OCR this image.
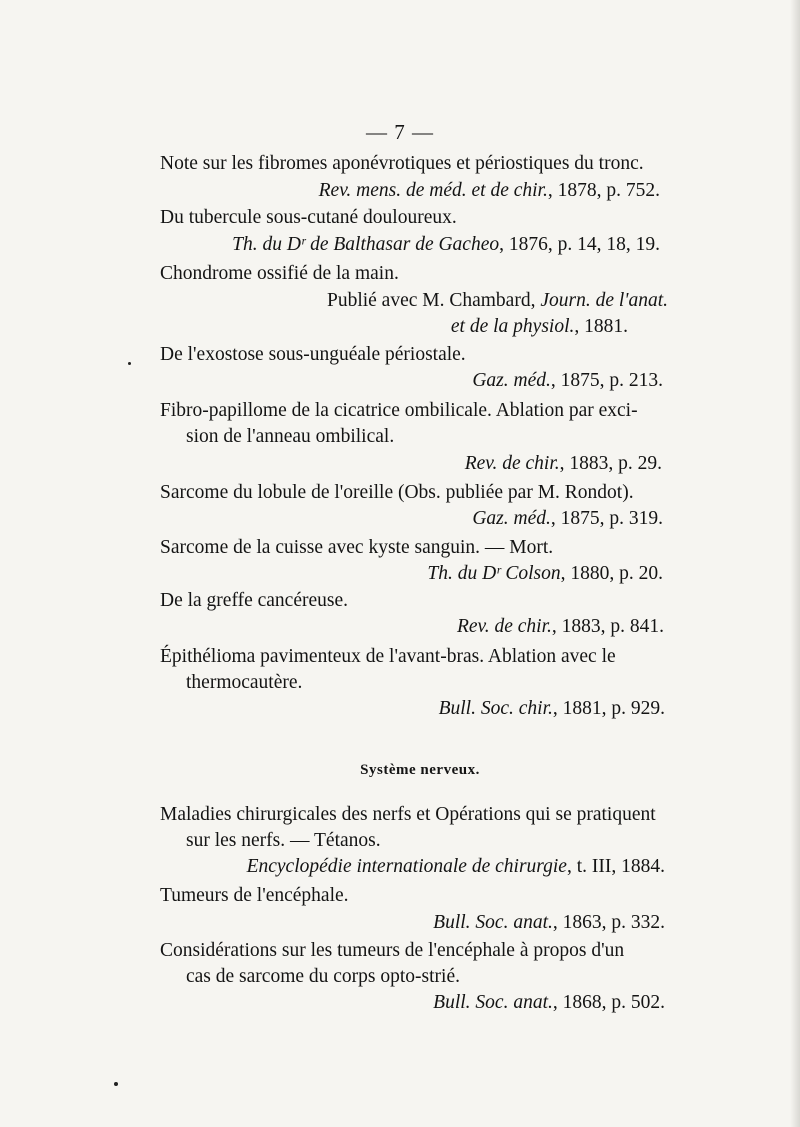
— 7 —
Note sur les fibromes aponévrotiques et périostiques du tronc.
Rev. mens. de méd. et de chir., 1878, p. 752.
Du tubercule sous-cutané douloureux.
Th. du Dʳ de Balthasar de Gacheo, 1876, p. 14, 18, 19.
Chondrome ossifié de la main.
Publié avec M. Chambard, Journ. de l'anat.
et de la physiol., 1881.
De l'exostose sous-unguéale périostale.
Gaz. méd., 1875, p. 213.
Fibro-papillome de la cicatrice ombilicale. Ablation par exci-
sion de l'anneau ombilical.
Rev. de chir., 1883, p. 29.
Sarcome du lobule de l'oreille (Obs. publiée par M. Rondot).
Gaz. méd., 1875, p. 319.
Sarcome de la cuisse avec kyste sanguin. — Mort.
Th. du Dʳ Colson, 1880, p. 20.
De la greffe cancéreuse.
Rev. de chir., 1883, p. 841.
Épithélioma pavimenteux de l'avant-bras. Ablation avec le
thermocautère.
Bull. Soc. chir., 1881, p. 929.
Système nerveux.
Maladies chirurgicales des nerfs et Opérations qui se pratiquent
sur les nerfs. — Tétanos.
Encyclopédie internationale de chirurgie, t. III, 1884.
Tumeurs de l'encéphale.
Bull. Soc. anat., 1863, p. 332.
Considérations sur les tumeurs de l'encéphale à propos d'un
cas de sarcome du corps opto-strié.
Bull. Soc. anat., 1868, p. 502.
